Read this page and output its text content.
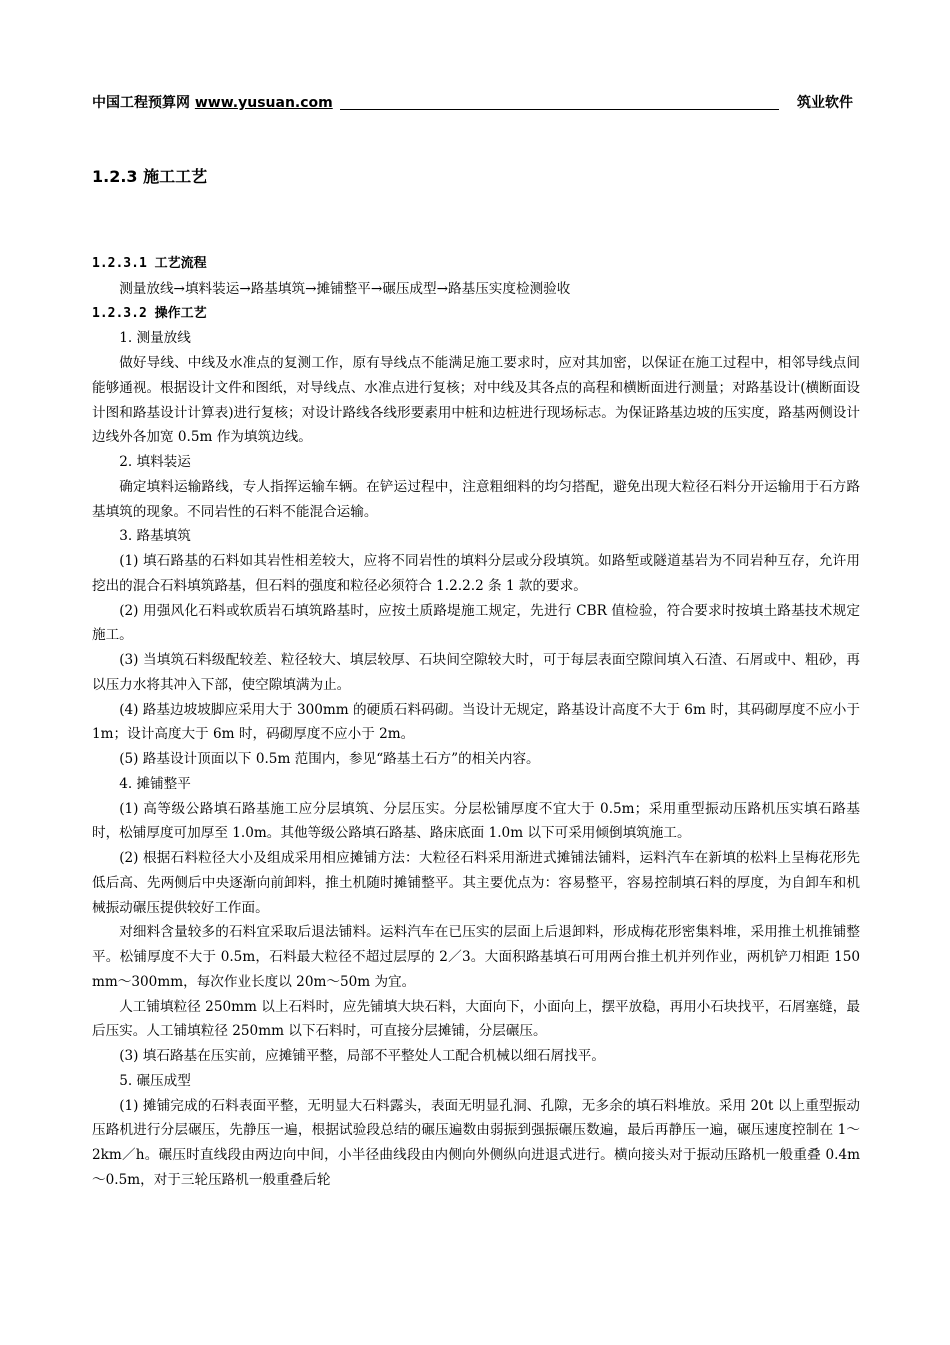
中国工程预算网 www.yusuan.com	筑业软件
1.2.3 施工工艺

1.2.3.1 工艺流程

测量放线→填料装运→路基填筑→摊铺整平→碾压成型→路基压实度检测验收

1.2.3.2 操作工艺

1. 测量放线

做好导线、中线及水准点的复测工作，原有导线点不能满足施工要求时，应对其加密，以保证在施工过程中，相邻导线点间能够通视。根据设计文件和图纸，对导线点、水准点进行复核；对中线及其各点的高程和横断面进行测量；对路基设计(横断面设计图和路基设计计算表)进行复核；对设计路线各线形要素用中桩和边桩进行现场标志。为保证路基边坡的压实度，路基两侧设计边线外各加宽 0.5m 作为填筑边线。

2. 填料装运

确定填料运输路线，专人指挥运输车辆。在铲运过程中，注意粗细料的均匀搭配，避免出现大粒径石料分开运输用于石方路基填筑的现象。不同岩性的石料不能混合运输。

3. 路基填筑

(1) 填石路基的石料如其岩性相差较大，应将不同岩性的填料分层或分段填筑。如路堑或隧道基岩为不同岩种互存，允许用挖出的混合石料填筑路基，但石料的强度和粒径必须符合 1.2.2.2 条 1 款的要求。

(2) 用强风化石料或软质岩石填筑路基时，应按土质路堤施工规定，先进行 CBR 值检验，符合要求时按填土路基技术规定施工。

(3) 当填筑石料级配较差、粒径较大、填层较厚、石块间空隙较大时，可于每层表面空隙间填入石渣、石屑或中、粗砂，再以压力水将其冲入下部，使空隙填满为止。

(4) 路基边坡坡脚应采用大于 300mm 的硬质石料码砌。当设计无规定，路基设计高度不大于 6m 时，其码砌厚度不应小于 1m；设计高度大于 6m 时，码砌厚度不应小于 2m。

(5) 路基设计顶面以下 0.5m 范围内，参见“路基土石方”的相关内容。

4. 摊铺整平

(1) 高等级公路填石路基施工应分层填筑、分层压实。分层松铺厚度不宜大于 0.5m；采用重型振动压路机压实填石路基时，松铺厚度可加厚至 1.0m。其他等级公路填石路基、路床底面 1.0m 以下可采用倾倒填筑施工。

(2) 根据石料粒径大小及组成采用相应摊铺方法：大粒径石料采用渐进式摊铺法铺料，运料汽车在新填的松料上呈梅花形先低后高、先两侧后中央逐渐向前卸料，推土机随时摊铺整平。其主要优点为：容易整平，容易控制填石料的厚度，为自卸车和机械振动碾压提供较好工作面。

对细料含量较多的石料宜采取后退法铺料。运料汽车在已压实的层面上后退卸料，形成梅花形密集料堆，采用推土机推铺整平。松铺厚度不大于 0.5m，石料最大粒径不超过层厚的 2／3。大面积路基填石可用两台推土机并列作业，两机铲刀相距 150mm～300mm，每次作业长度以 20m～50m 为宜。

人工铺填粒径 250mm 以上石料时，应先铺填大块石料，大面向下，小面向上，摆平放稳，再用小石块找平，石屑塞缝，最后压实。人工铺填粒径 250mm 以下石料时，可直接分层摊铺，分层碾压。

(3) 填石路基在压实前，应摊铺平整，局部不平整处人工配合机械以细石屑找平。

5. 碾压成型

(1) 摊铺完成的石料表面平整，无明显大石料露头，表面无明显孔洞、孔隙，无多余的填石料堆放。采用 20t 以上重型振动压路机进行分层碾压，先静压一遍，根据试验段总结的碾压遍数由弱振到强振碾压数遍，最后再静压一遍，碾压速度控制在 1～2km／h。碾压时直线段由两边向中间，小半径曲线段由内侧向外侧纵向进退式进行。横向接头对于振动压路机一般重叠 0.4m～0.5m，对于三轮压路机一般重叠后轮
